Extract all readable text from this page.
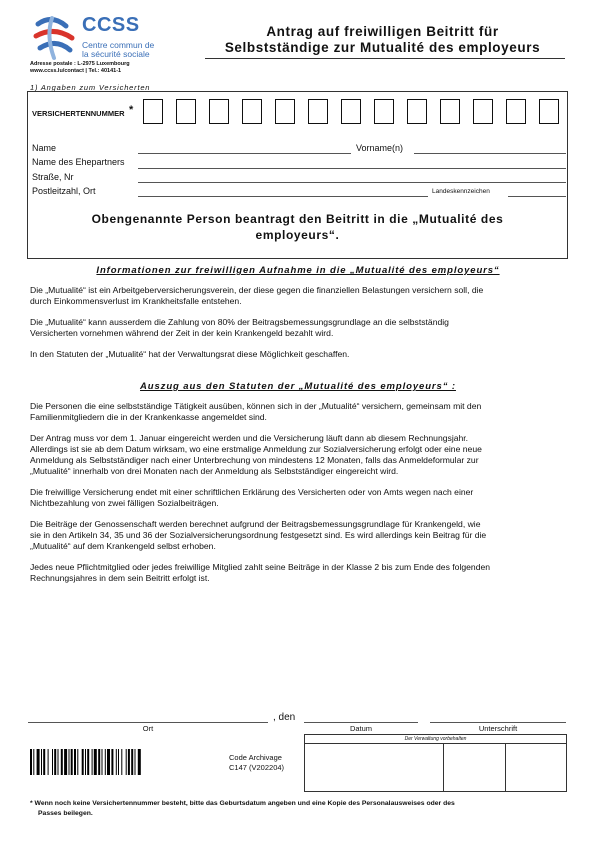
CCSS
Centre commun de
la sécurité sociale
Adresse postale : L-2975 Luxembourg
www.ccss.lu/contact | Tel.: 40141-1
Antrag auf freiwilligen Beitritt für
Selbstständige zur Mutualité des employeurs
1) Angaben zum Versicherten
VERSICHERTENNUMMER *
Name	Vorname(n)
Name des Ehepartners
Straße, Nr
Postleitzahl, Ort	Landeskennzeichen
Obengenannte Person beantragt den Beitritt in die „Mutualité des
employeurs“.
Informationen zur freiwilligen Aufnahme in die „Mutualité des employeurs“
Die „Mutualité“ ist ein Arbeitgeberversicherungsverein, der diese gegen die finanziellen Belastungen versichern soll, die
durch Einkommensverlust im Krankheitsfalle entstehen.
Die „Mutualité“ kann ausserdem die Zahlung von 80% der Beitragsbemessungsgrundlage an die selbstständig
Versicherten vornehmen während der Zeit in der kein Krankengeld bezahlt wird.
In den Statuten der „Mutualité“ hat der Verwaltungsrat diese Möglichkeit geschaffen.
Auszug aus den Statuten der „Mutualité des employeurs“ :
Die Personen die eine selbstständige Tätigkeit ausüben, können sich in der „Mutualité“ versichern, gemeinsam mit den
Familienmitgliedern die in der Krankenkasse angemeldet sind.
Der Antrag muss vor dem 1. Januar eingereicht werden und die Versicherung läuft dann ab diesem Rechnungsjahr.
Allerdings ist sie ab dem Datum wirksam, wo eine erstmalige Anmeldung zur Sozialversicherung erfolgt oder eine neue
Anmeldung als Selbstständiger nach einer Unterbrechung von mindestens 12 Monaten, falls das Anmeldeformular zur
„Mutualité“ innerhalb von drei Monaten nach der Anmeldung als Selbstständiger eingereicht wird.
Die freiwillige Versicherung endet mit einer schriftlichen Erklärung des Versicherten oder von Amts wegen nach einer
Nichtbezahlung von zwei fälligen Sozialbeiträgen.
Die Beiträge der Genossenschaft werden berechnet aufgrund der Beitragsbemessungsgrundlage für Krankengeld, wie
sie in den Artikeln 34, 35 und 36 der Sozialversicherungsordnung festgesetzt sind. Es wird allerdings kein Beitrag für die
„Mutualité“ auf dem Krankengeld selbst erhoben.
Jedes neue Pflichtmitglied oder jedes freiwillige Mitglied zahlt seine Beiträge in der Klasse 2 bis zum Ende des folgenden
Rechnungsjahres in dem sein Beitritt erfolgt ist.
, den
Ort	Datum	Unterschrift
Der Verwaltung vorbehalten
Code Archivage
C147 (V202204)
* Wenn noch keine Versichertennummer besteht, bitte das Geburtsdatum angeben und eine Kopie des Personalausweises oder des
Passes beilegen.
